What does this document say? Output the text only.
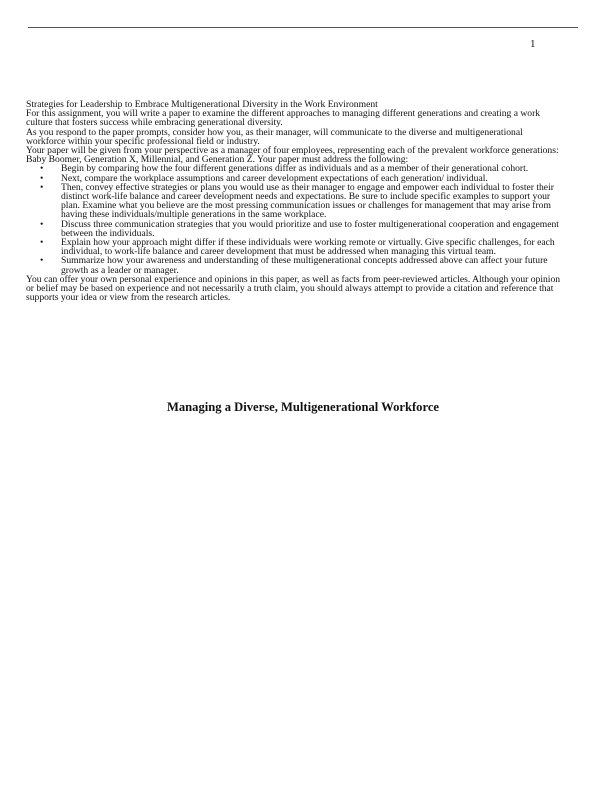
1

Strategies for Leadership to Embrace Multigenerational Diversity in the Work Environment

For this assignment, you will write a paper to examine the different approaches to managing different generations and creating a work culture that fosters success while embracing generational diversity.

As you respond to the paper prompts, consider how you, as their manager, will communicate to the diverse and multigenerational workforce within your specific professional field or industry.

Your paper will be given from your perspective as a manager of four employees, representing each of the prevalent workforce generations: Baby Boomer, Generation X, Millennial, and Generation Z. Your paper must address the following:

• Begin by comparing how the four different generations differ as individuals and as a member of their generational cohort.
• Next, compare the workplace assumptions and career development expectations of each generation/ individual.
• Then, convey effective strategies or plans you would use as their manager to engage and empower each individual to foster their distinct work-life balance and career development needs and expectations. Be sure to include specific examples to support your plan. Examine what you believe are the most pressing communication issues or challenges for management that may arise from having these individuals/multiple generations in the same workplace.
• Discuss three communication strategies that you would prioritize and use to foster multigenerational cooperation and engagement between the individuals.
• Explain how your approach might differ if these individuals were working remote or virtually. Give specific challenges, for each individual, to work-life balance and career development that must be addressed when managing this virtual team.
• Summarize how your awareness and understanding of these multigenerational concepts addressed above can affect your future growth as a leader or manager.

You can offer your own personal experience and opinions in this paper, as well as facts from peer-reviewed articles. Although your opinion or belief may be based on experience and not necessarily a truth claim, you should always attempt to provide a citation and reference that supports your idea or view from the research articles.

Managing a Diverse, Multigenerational Workforce
